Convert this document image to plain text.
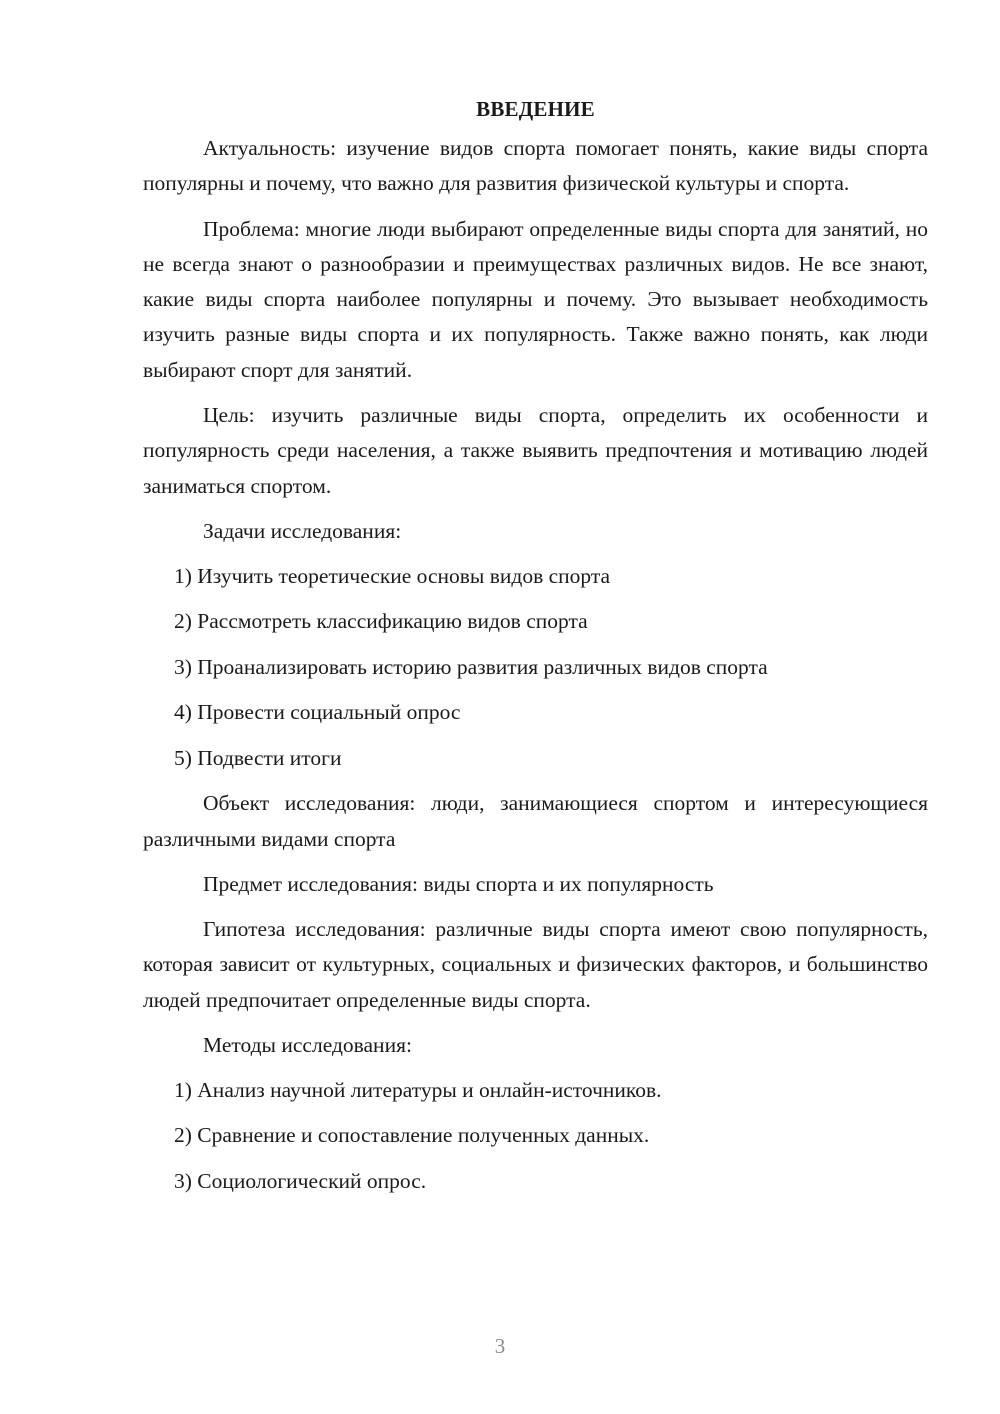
ВВЕДЕНИЕ

Актуальность: изучение видов спорта помогает понять, какие виды спорта популярны и почему, что важно для развития физической культуры и спорта.

Проблема: многие люди выбирают определенные виды спорта для занятий, но не всегда знают о разнообразии и преимуществах различных видов. Не все знают, какие виды спорта наиболее популярны и почему. Это вызывает необходимость изучить разные виды спорта и их популярность. Также важно понять, как люди выбирают спорт для занятий.

Цель: изучить различные виды спорта, определить их особенности и популярность среди населения, а также выявить предпочтения и мотивацию людей заниматься спортом.

Задачи исследования:

1) Изучить теоретические основы видов спорта
2) Рассмотреть классификацию видов спорта
3) Проанализировать историю развития различных видов спорта
4) Провести социальный опрос
5) Подвести итоги

Объект исследования: люди, занимающиеся спортом и интересующиеся различными видами спорта

Предмет исследования: виды спорта и их популярность

Гипотеза исследования: различные виды спорта имеют свою популярность, которая зависит от культурных, социальных и физических факторов, и большинство людей предпочитает определенные виды спорта.

Методы исследования:

1) Анализ научной литературы и онлайн-источников.
2) Сравнение и сопоставление полученных данных.
3) Социологический опрос.
3
